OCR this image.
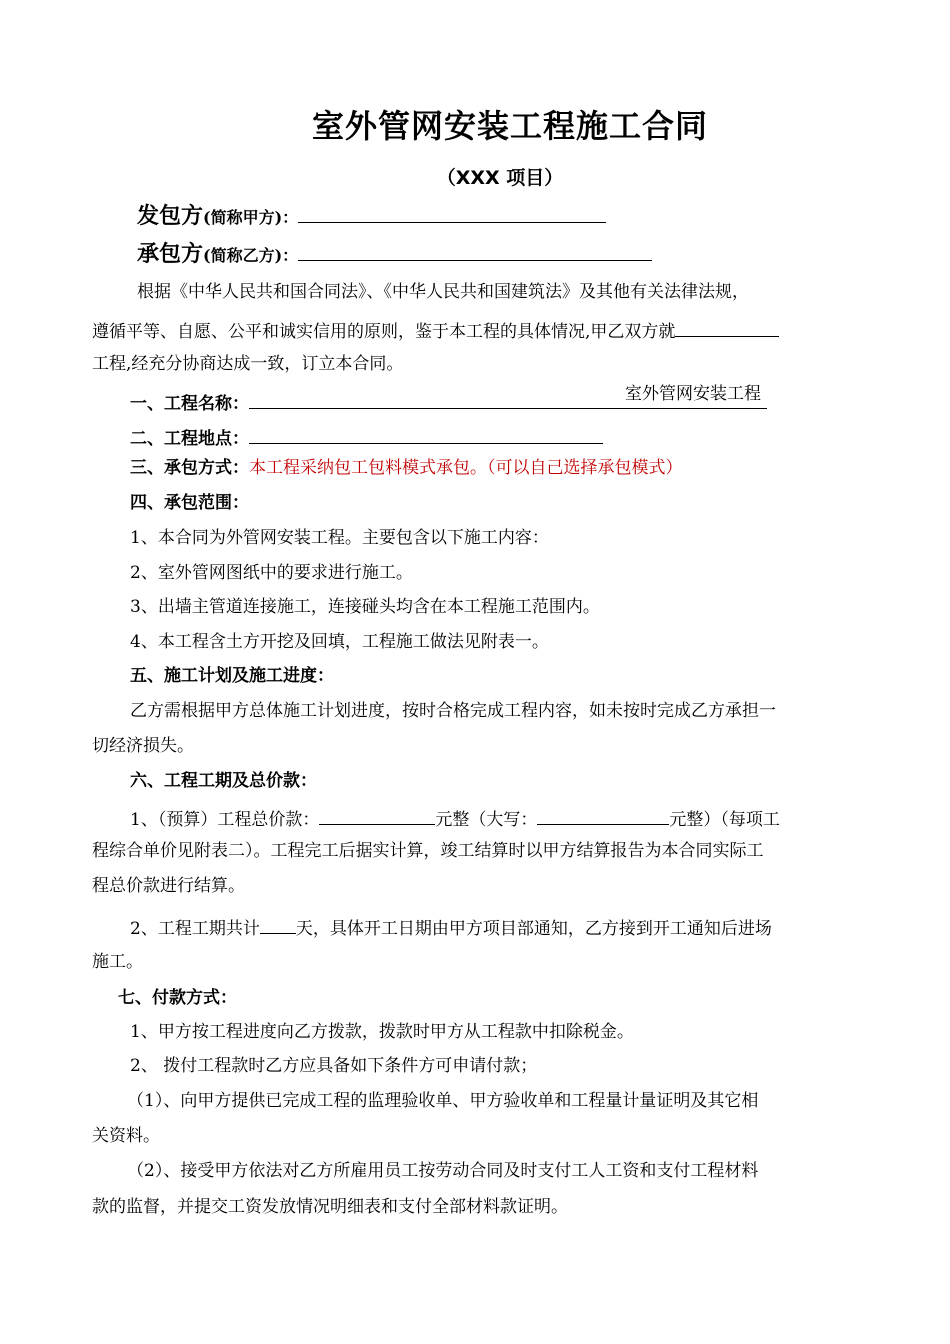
室外管网安装工程施工合同
（XXX 项目）
发包方(简称甲方)：
承包方(简称乙方)：
根据《中华人民共和国合同法》、《中华人民共和国建筑法》及其他有关法律法规，
遵循平等、自愿、公平和诚实信用的原则，鉴于本工程的具体情况,甲乙双方就
工程,经充分协商达成一致，订立本合同。
一、工程名称：	室外管网安装工程
二、工程地点：
三、承包方式：本工程采纳包工包料模式承包。（可以自己选择承包模式）
四、承包范围：
1、本合同为外管网安装工程。主要包含以下施工内容：
2、室外管网图纸中的要求进行施工。
3、出墙主管道连接施工，连接碰头均含在本工程施工范围内。
4、本工程含土方开挖及回填，工程施工做法见附表一。
五、施工计划及施工进度：
乙方需根据甲方总体施工计划进度，按时合格完成工程内容，如未按时完成乙方承担一
切经济损失。
六、工程工期及总价款：
1、（预算）工程总价款：	元整（大写：	元整）（每项工
程综合单价见附表二）。工程完工后据实计算，竣工结算时以甲方结算报告为本合同实际工
程总价款进行结算。
2、工程工期共计 天，具体开工日期由甲方项目部通知，乙方接到开工通知后进场
施工。
七、付款方式：
1、甲方按工程进度向乙方拨款，拨款时甲方从工程款中扣除税金。
2、 拨付工程款时乙方应具备如下条件方可申请付款；
（1）、向甲方提供已完成工程的监理验收单、甲方验收单和工程量计量证明及其它相
关资料。
（2）、接受甲方依法对乙方所雇用员工按劳动合同及时支付工人工资和支付工程材料
款的监督，并提交工资发放情况明细表和支付全部材料款证明。
